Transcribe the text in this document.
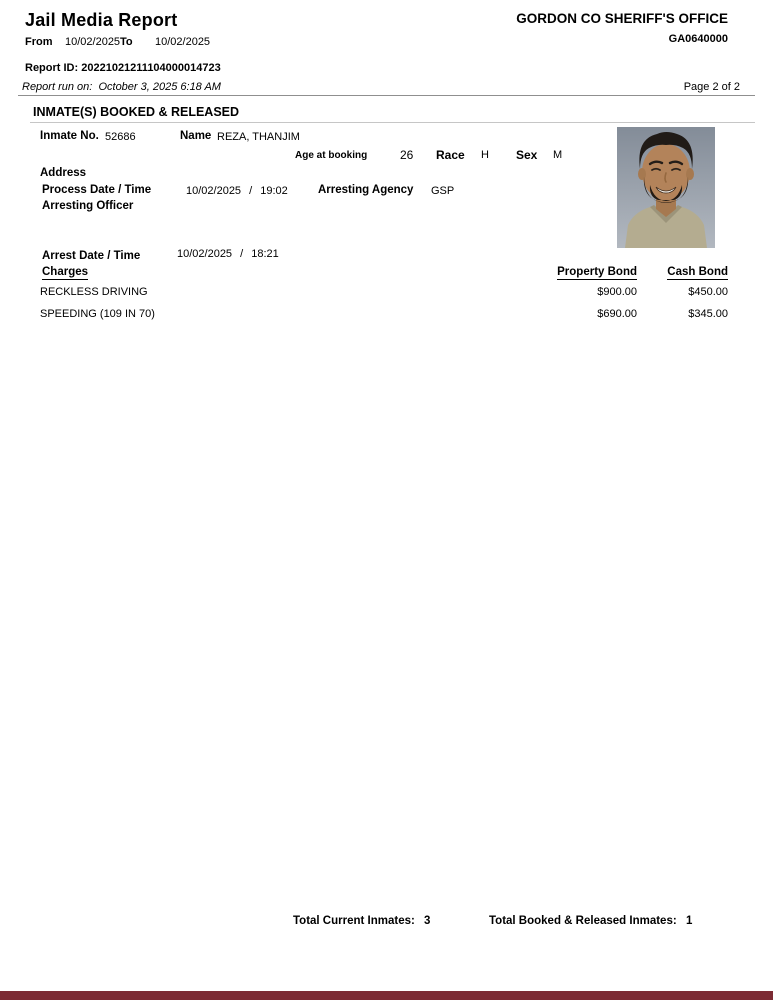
Jail Media Report	GORDON CO SHERIFF'S OFFICE
From 10/02/2025 To 10/02/2025	GA0640000
Report ID: 20221021211104000014723
Report run on: October 3, 2025 6:18 AM	Page 2 of 2
INMATE(S) BOOKED & RELEASED
Inmate No. 52686	Name REZA, THANJIM
Age at booking	26 Race H Sex M
Address
Process Date / Time	10/02/2025 / 19:02	Arresting Agency GSP
Arresting Officer
Arrest Date / Time	10/02/2025 / 18:21
Charges	Property Bond	Cash Bond
RECKLESS DRIVING	$900.00	$450.00
SPEEDING (109 IN 70)	$690.00	$345.00
Total Current Inmates: 3	Total Booked & Released Inmates: 1
